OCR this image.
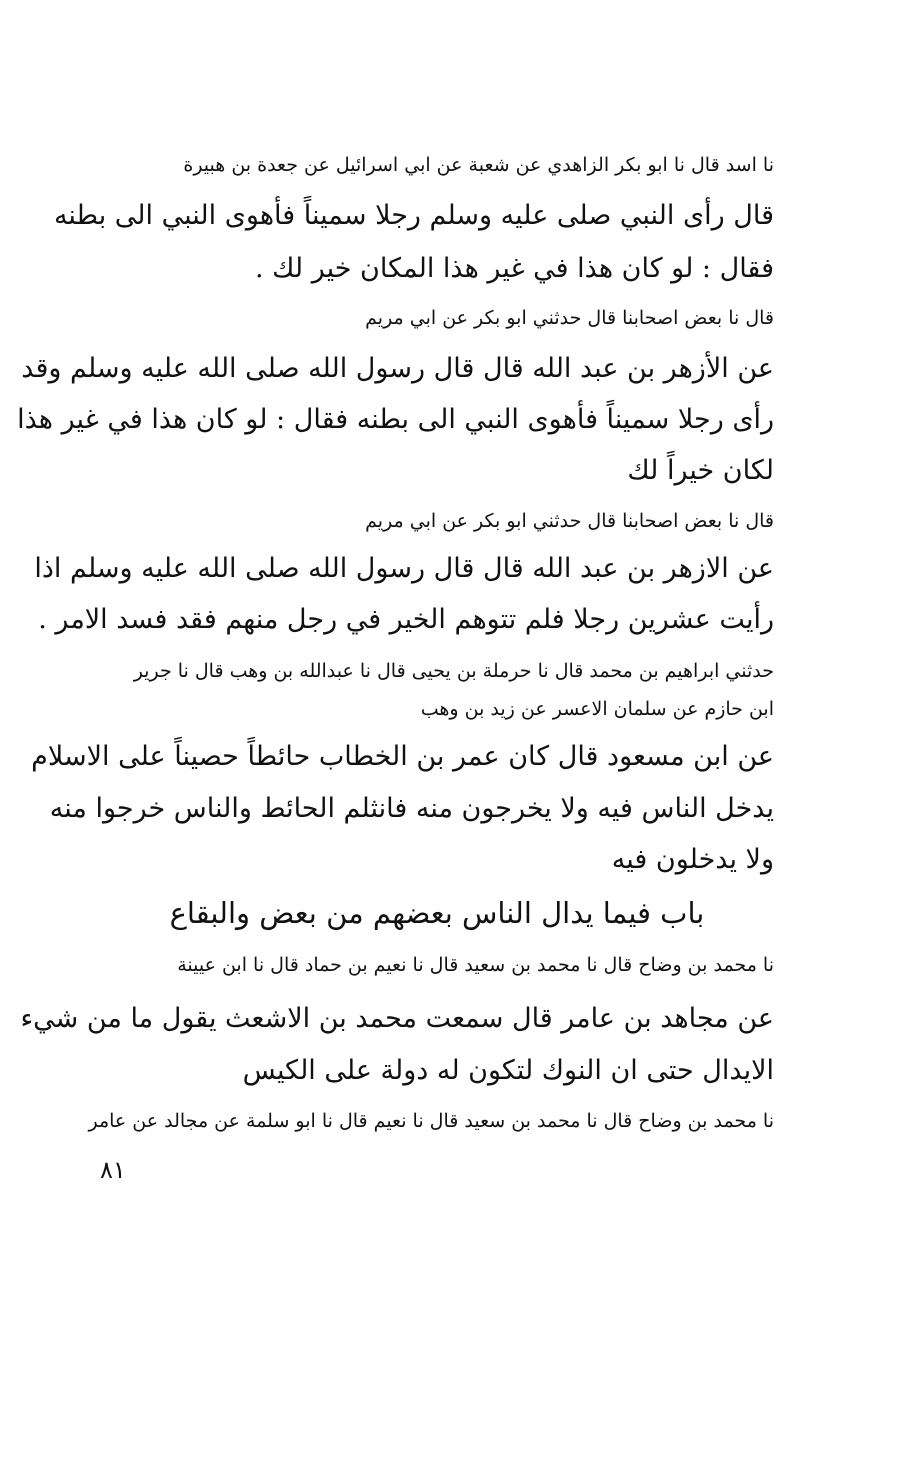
نا اسد قال نا ابو بكر الزاهدي عن شعبة عن ابي اسرائيل عن جعدة بن هبيرة
قال رأى النبي صلى عليه وسلم رجلا سميناً فأهوى النبي الى بطنه
فقال : لو كان هذا في غير هذا المكان خير لك .
قال نا بعض اصحابنا قال حدثني ابو بكر عن ابي مريم
عن الأزهر بن عبد الله قال قال رسول الله صلى الله عليه وسلم وقد
رأى رجلا سميناً فأهوى النبي الى بطنه فقال : لو كان هذا في غير هذا
لكان خيراً لك
قال نا بعض اصحابنا قال حدثني ابو بكر عن ابي مريم
عن الازهر بن عبد الله قال قال رسول الله صلى الله عليه وسلم اذا
رأيت عشرين رجلا فلم تتوهم الخير في رجل منهم فقد فسد الامر .
حدثني ابراهيم بن محمد قال نا حرملة بن يحيى قال نا عبدالله بن وهب قال نا جرير
ابن حازم عن سلمان الاعسر عن زيد بن وهب
عن ابن مسعود قال كان عمر بن الخطاب حائطاً حصيناً على الاسلام
يدخل الناس فيه ولا يخرجون منه فانثلم الحائط والناس خرجوا منه
ولا يدخلون فيه
باب فيما يدال الناس بعضهم من بعض والبقاع
نا محمد بن وضاح قال نا محمد بن سعيد قال نا نعيم بن حماد قال نا ابن عيينة
عن مجاهد بن عامر قال سمعت محمد بن الاشعث يقول ما من شيء
الايدال حتى ان النوك لتكون له دولة على الكيس
نا محمد بن وضاح قال نا محمد بن سعيد قال نا نعيم قال نا ابو سلمة عن مجالد عن عامر
٨١
